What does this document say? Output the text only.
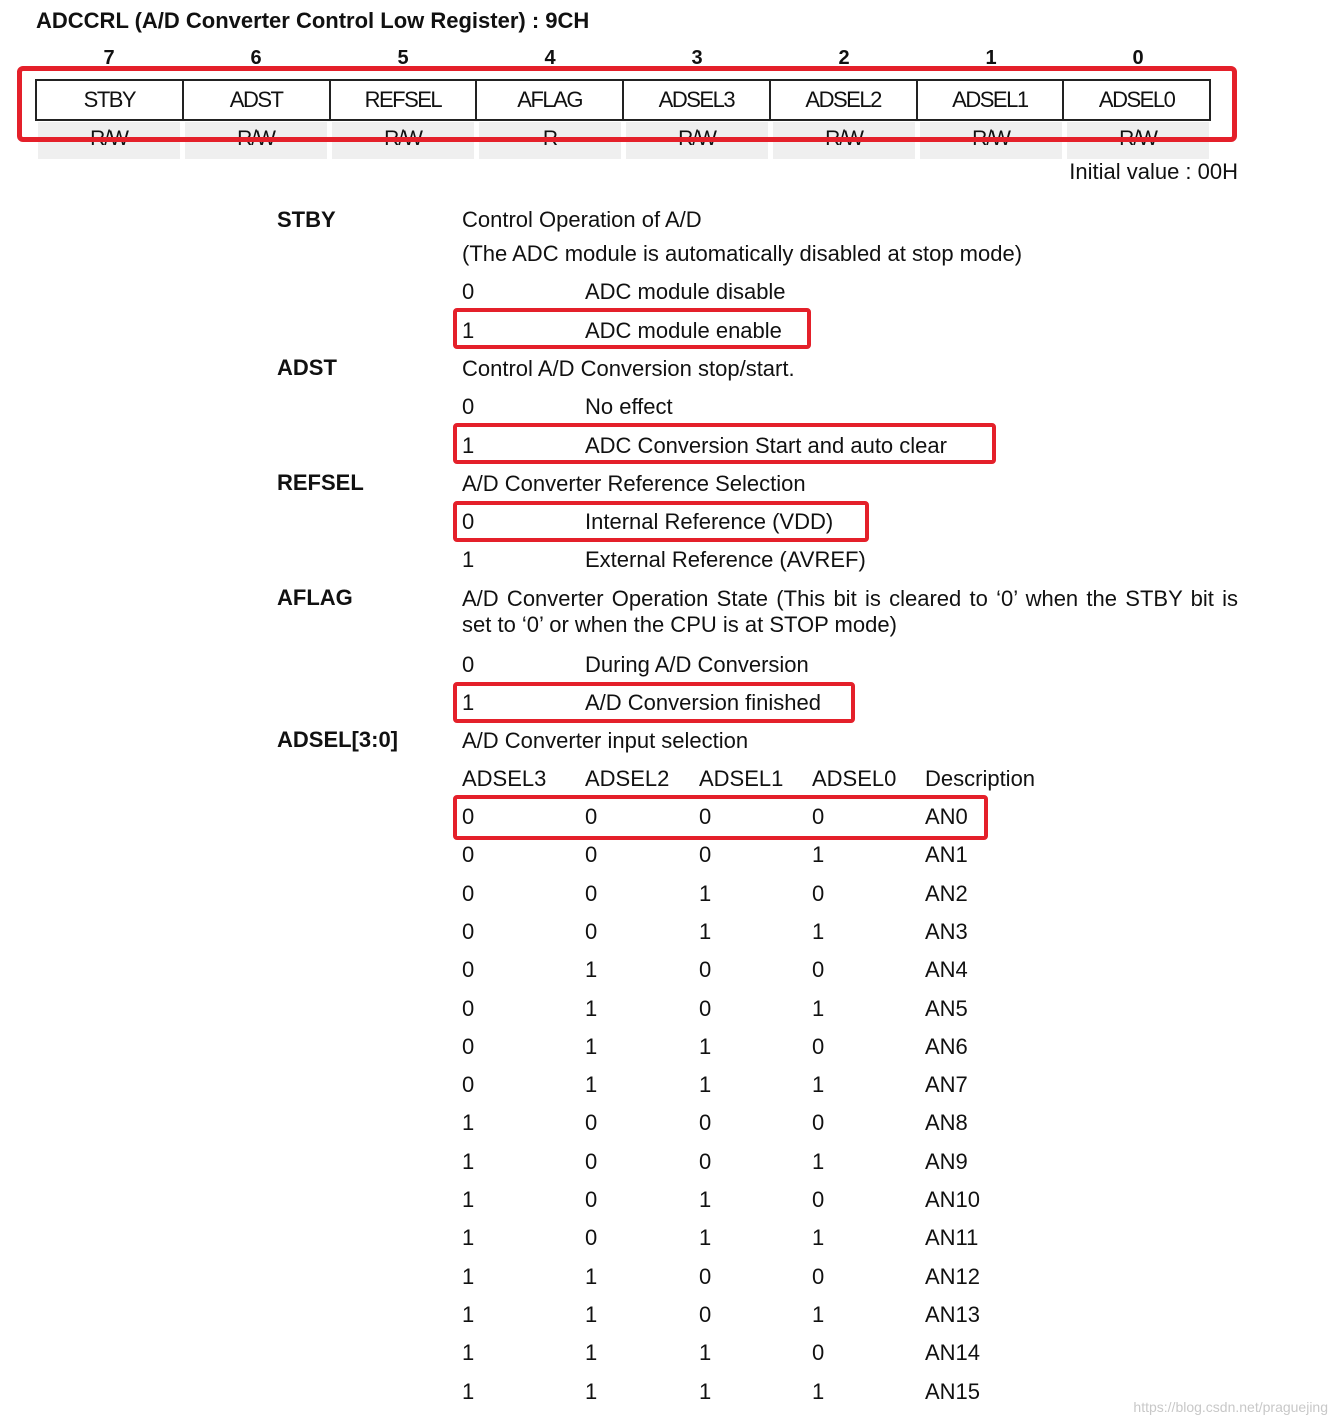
ADCCRL (A/D Converter Control Low Register) : 9CH
7	6	5	4	3	2	1	0
R/W	R/W	R/W	R	R/W	R/W	R/W	R/W
STBY	ADST	REFSEL	AFLAG	ADSEL3	ADSEL2	ADSEL1	ADSEL0
Initial value : 00H
STBY	Control Operation of A/D
(The ADC module is automatically disabled at stop mode)
0	ADC module disable
1	ADC module enable
ADST	Control A/D Conversion stop/start.
0	No effect
1	ADC Conversion Start and auto clear
REFSEL	A/D Converter Reference Selection
0	Internal Reference (VDD)
1	External Reference (AVREF)
AFLAG	A/D Converter Operation State (This bit is cleared to ‘0’ when the STBY bit is set to ‘0’ or when the CPU is at STOP mode)
0	During A/D Conversion
1	A/D Conversion finished
ADSEL[3:0]	A/D Converter input selection
ADSEL3 ADSEL2 ADSEL1 ADSEL0 Description
0	0	0	0	AN0
0	0	0	1	AN1
0	0	1	0	AN2
0	0	1	1	AN3
0	1	0	0	AN4
0	1	0	1	AN5
0	1	1	0	AN6
0	1	1	1	AN7
1	0	0	0	AN8
1	0	0	1	AN9
1	0	1	0	AN10
1	0	1	1	AN11
1	1	0	0	AN12
1	1	0	1	AN13
1	1	1	0	AN14
1	1	1	1	AN15
https://blog.csdn.net/praguejing
